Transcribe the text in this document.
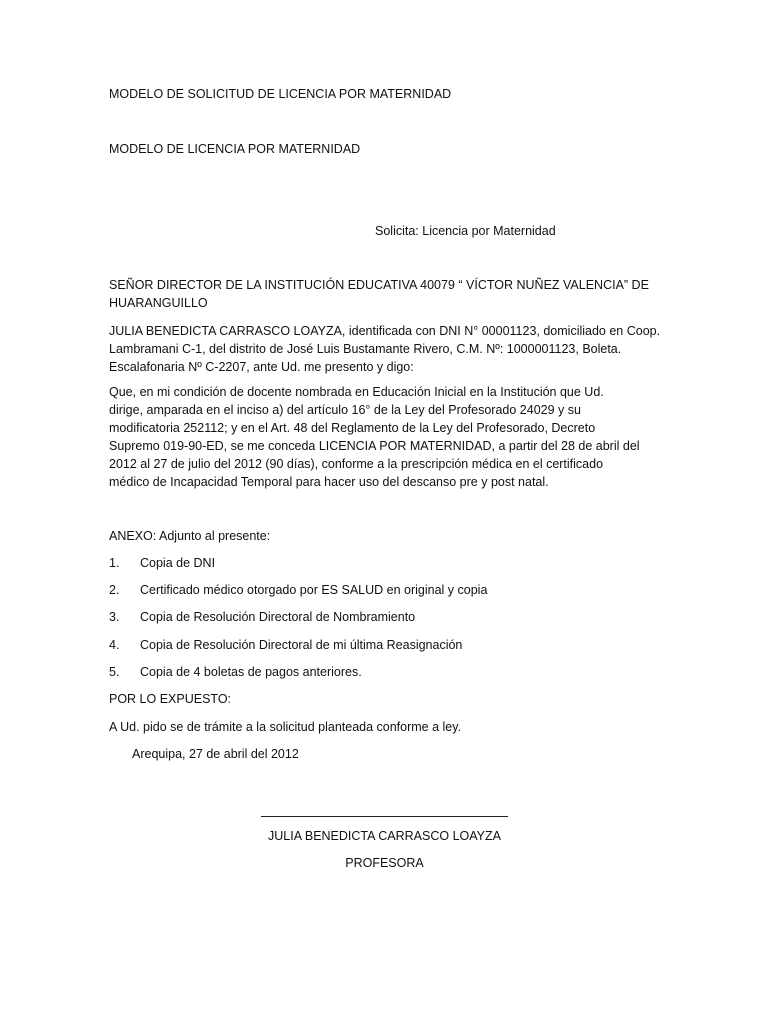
MODELO DE SOLICITUD DE LICENCIA POR MATERNIDAD
MODELO DE LICENCIA POR MATERNIDAD
Solicita: Licencia por Maternidad
SEÑOR DIRECTOR DE LA INSTITUCIÓN EDUCATIVA 40079 “ VÍCTOR NUÑEZ VALENCIA” DE
HUARANGUILLO
JULIA BENEDICTA CARRASCO LOAYZA, identificada con DNI N° 00001123, domiciliado en Coop.
Lambramani C-1, del distrito de José Luis Bustamante Rivero, C.M. Nº: 1000001123, Boleta.
Escalafonaria Nº C-2207, ante Ud. me presento y digo:
Que, en mi condición de docente nombrada en Educación Inicial en la Institución que Ud.
dirige, amparada en el inciso a) del artículo 16° de la Ley del Profesorado 24029 y su
modificatoria 252112; y en el Art. 48 del Reglamento de la Ley del Profesorado, Decreto
Supremo 019-90-ED, se me conceda LICENCIA POR MATERNIDAD, a partir del 28 de abril del
2012 al 27 de julio del 2012 (90 días), conforme a la prescripción médica en el certificado
médico de Incapacidad Temporal para hacer uso del descanso pre y post natal.
ANEXO: Adjunto al presente:
1. Copia de DNI
2. Certificado médico otorgado por ES SALUD en original y copia
3. Copia de Resolución Directoral de Nombramiento
4. Copia de Resolución Directoral de mi última Reasignación
5. Copia de 4 boletas de pagos anteriores.
POR LO EXPUESTO:
A Ud. pido se de trámite a la solicitud planteada conforme a ley.
Arequipa, 27 de abril del 2012
JULIA BENEDICTA CARRASCO LOAYZA
PROFESORA
